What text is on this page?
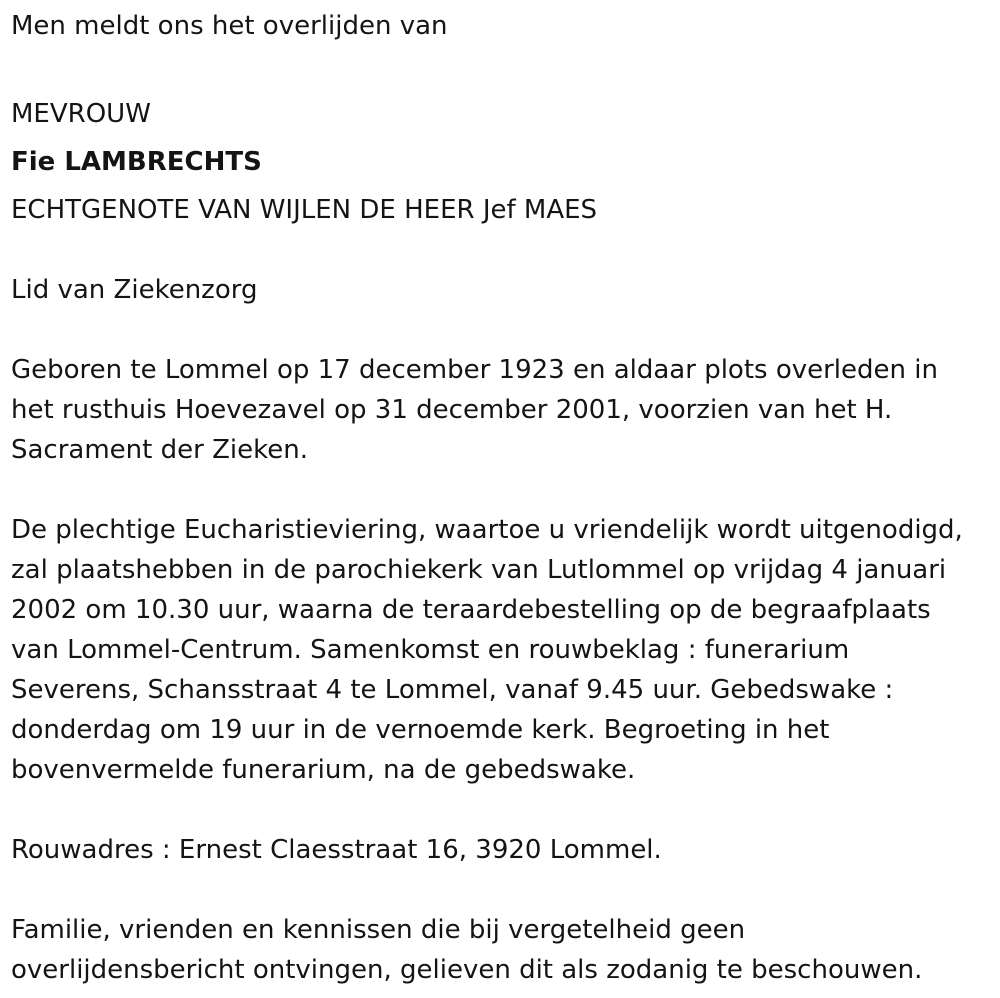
Men meldt ons het overlijden van
MEVROUW
Fie LAMBRECHTS
ECHTGENOTE VAN WIJLEN DE HEER Jef MAES
Lid van Ziekenzorg
Geboren te Lommel op 17 december 1923 en aldaar plots overleden in
het rusthuis Hoevezavel op 31 december 2001, voorzien van het H.
Sacrament der Zieken.
De plechtige Eucharistieviering, waartoe u vriendelijk wordt uitgenodigd,
zal plaatshebben in de parochiekerk van Lutlommel op vrijdag 4 januari
2002 om 10.30 uur, waarna de teraardebestelling op de begraafplaats
van Lommel-Centrum. Samenkomst en rouwbeklag : funerarium
Severens, Schansstraat 4 te Lommel, vanaf 9.45 uur. Gebedswake :
donderdag om 19 uur in de vernoemde kerk. Begroeting in het
bovenvermelde funerarium, na de gebedswake.
Rouwadres : Ernest Claesstraat 16, 3920 Lommel.
Familie, vrienden en kennissen die bij vergetelheid geen
overlijdensbericht ontvingen, gelieven dit als zodanig te beschouwen.
